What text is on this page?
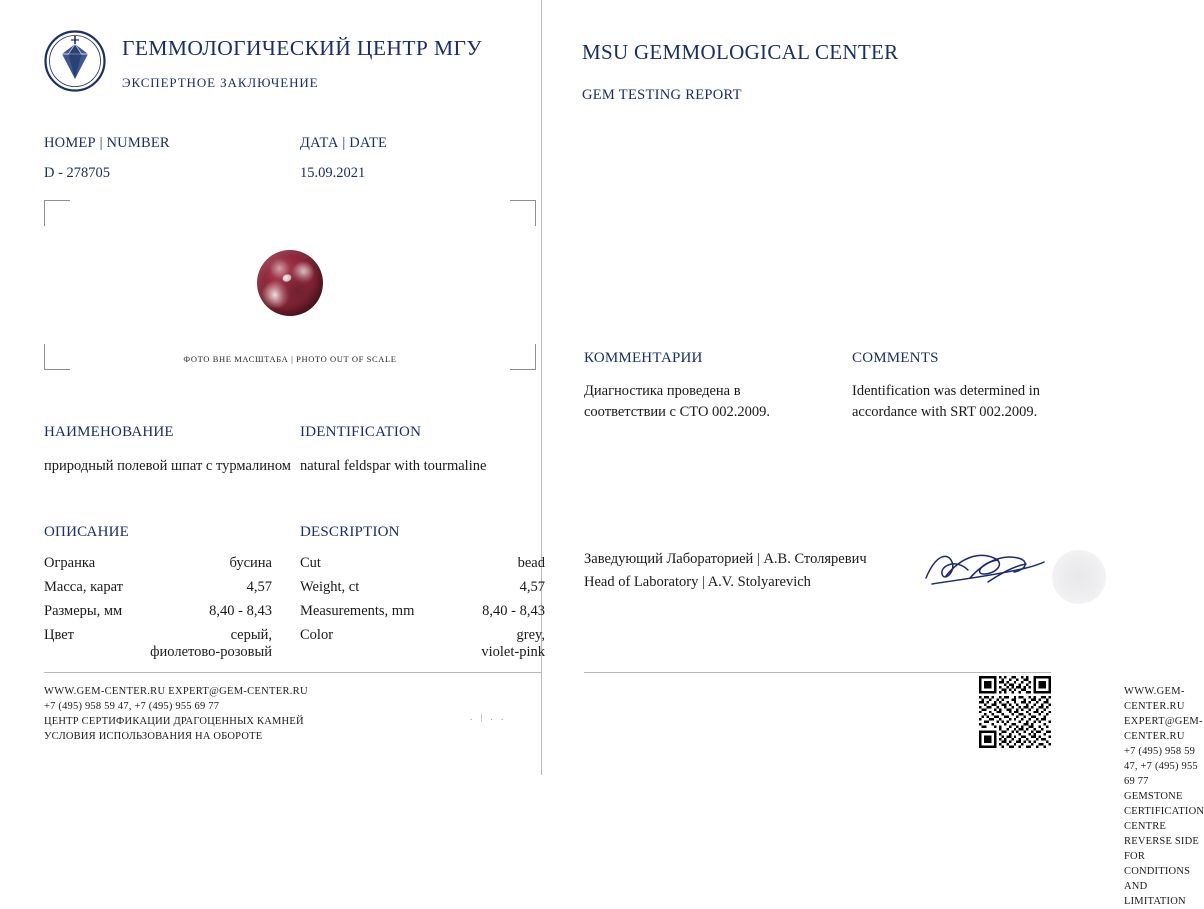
ГЕММОЛОГИЧЕСКИЙ ЦЕНТР МГУ
ЭКСПЕРТНОЕ ЗАКЛЮЧЕНИЕ
НОМЕР | NUMBER
D - 278705
ДАТА | DATE
15.09.2021
ФОТО ВНЕ МАСШТАБА | PHOTO OUT OF SCALE
НАИМЕНОВАНИЕ
природный полевой шпат с турмалином
IDENTIFICATION
natural feldspar with tourmaline
ОПИСАНИЕ
Огранка	бусина
Масса, карат	4,57
Размеры, мм	8,40 - 8,43
Цвет	серый,
фиолетово-розовый
DESCRIPTION
Cut	bead
Weight, ct	4,57
Measurements, mm	8,40 - 8,43
Color	grey,
violet-pink
WWW.GEM-CENTER.RU EXPERT@GEM-CENTER.RU
+7 (495) 958 59 47, +7 (495) 955 69 77
ЦЕНТР СЕРТИФИКАЦИИ ДРАГОЦЕННЫХ КАМНЕЙ
УСЛОВИЯ ИСПОЛЬЗОВАНИЯ НА ОБОРОТЕ
. | . .
MSU GEMMOLOGICAL CENTER
GEM TESTING REPORT
КОММЕНТАРИИ
Диагностика проведена в
соответствии с СТО 002.2009.
COMMENTS
Identification was determined in
accordance with SRT 002.2009.
Заведующий Лабораторией | А.В. Столяревич
Head of Laboratory | A.V. Stolyarevich
WWW.GEM-CENTER.RU EXPERT@GEM-CENTER.RU
+7 (495) 958 59 47, +7 (495) 955 69 77
GEMSTONE CERTIFICATION CENTRE
REVERSE SIDE FOR CONDITIONS AND LIMITATION
